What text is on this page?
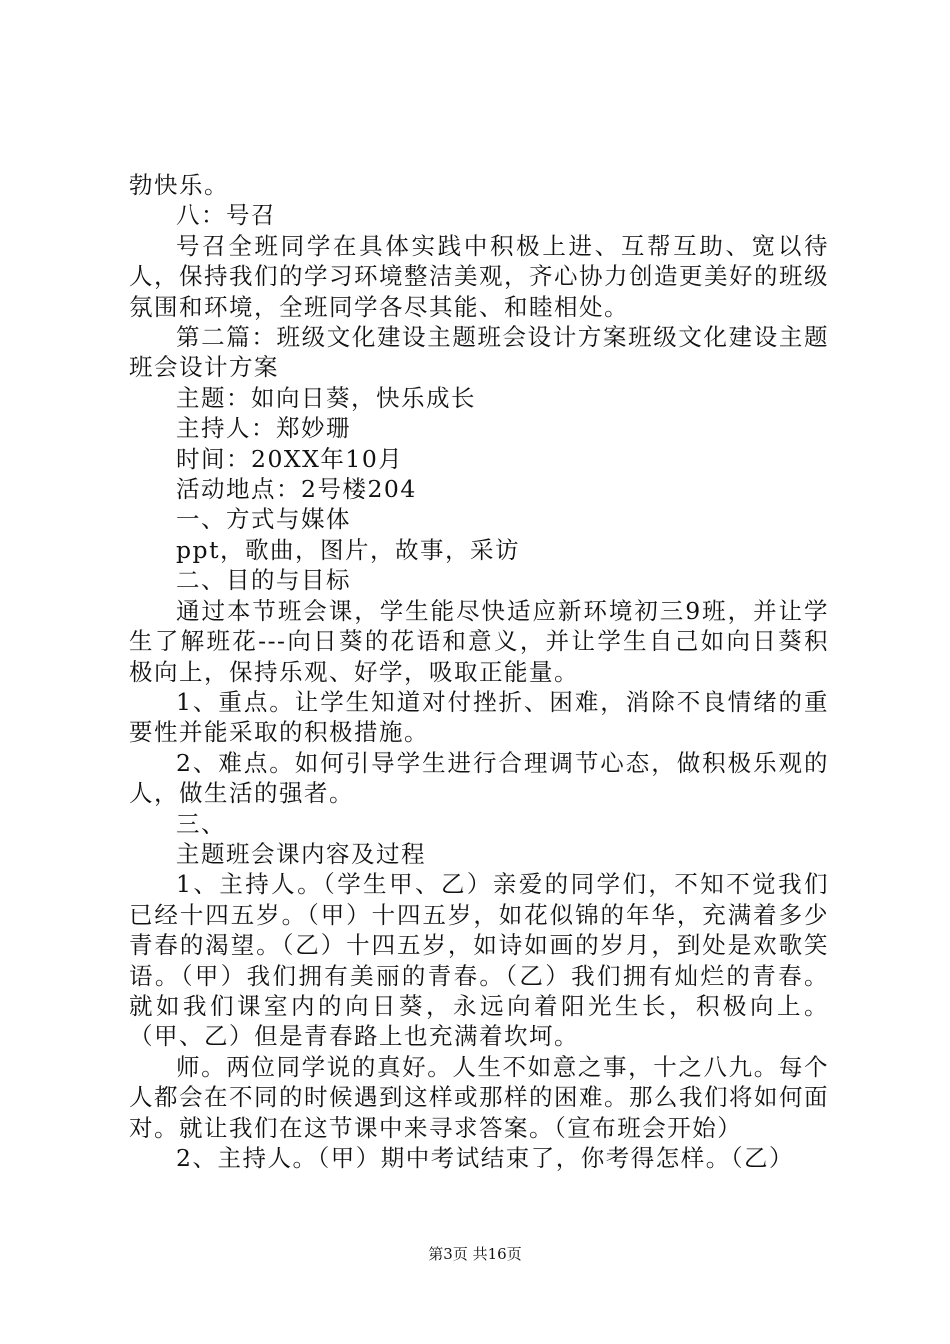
勃快乐。

八：号召

号召全班同学在具体实践中积极上进、互帮互助、宽以待人，保持我们的学习环境整洁美观，齐心协力创造更美好的班级氛围和环境，全班同学各尽其能、和睦相处。

第二篇：班级文化建设主题班会设计方案班级文化建设主题班会设计方案

主题：如向日葵，快乐成长

主持人：郑妙珊

时间：20XX年10月

活动地点：2号楼204

一、方式与媒体

ppt，歌曲，图片，故事，采访

二、目的与目标

通过本节班会课，学生能尽快适应新环境初三9班，并让学生了解班花---向日葵的花语和意义，并让学生自己如向日葵积极向上，保持乐观、好学，吸取正能量。

1、重点。让学生知道对付挫折、困难，消除不良情绪的重要性并能采取的积极措施。

2、难点。如何引导学生进行合理调节心态，做积极乐观的人，做生活的强者。

三、

主题班会课内容及过程

1、主持人。（学生甲、乙）亲爱的同学们，不知不觉我们已经十四五岁。（甲）十四五岁，如花似锦的年华，充满着多少青春的渴望。（乙）十四五岁，如诗如画的岁月，到处是欢歌笑语。（甲）我们拥有美丽的青春。（乙）我们拥有灿烂的青春。就如我们课室内的向日葵，永远向着阳光生长，积极向上。（甲、乙）但是青春路上也充满着坎坷。

师。两位同学说的真好。人生不如意之事，十之八九。每个人都会在不同的时候遇到这样或那样的困难。那么我们将如何面对。就让我们在这节课中来寻求答案。（宣布班会开始）

2、主持人。（甲）期中考试结束了，你考得怎样。（乙）

第3页 共16页
